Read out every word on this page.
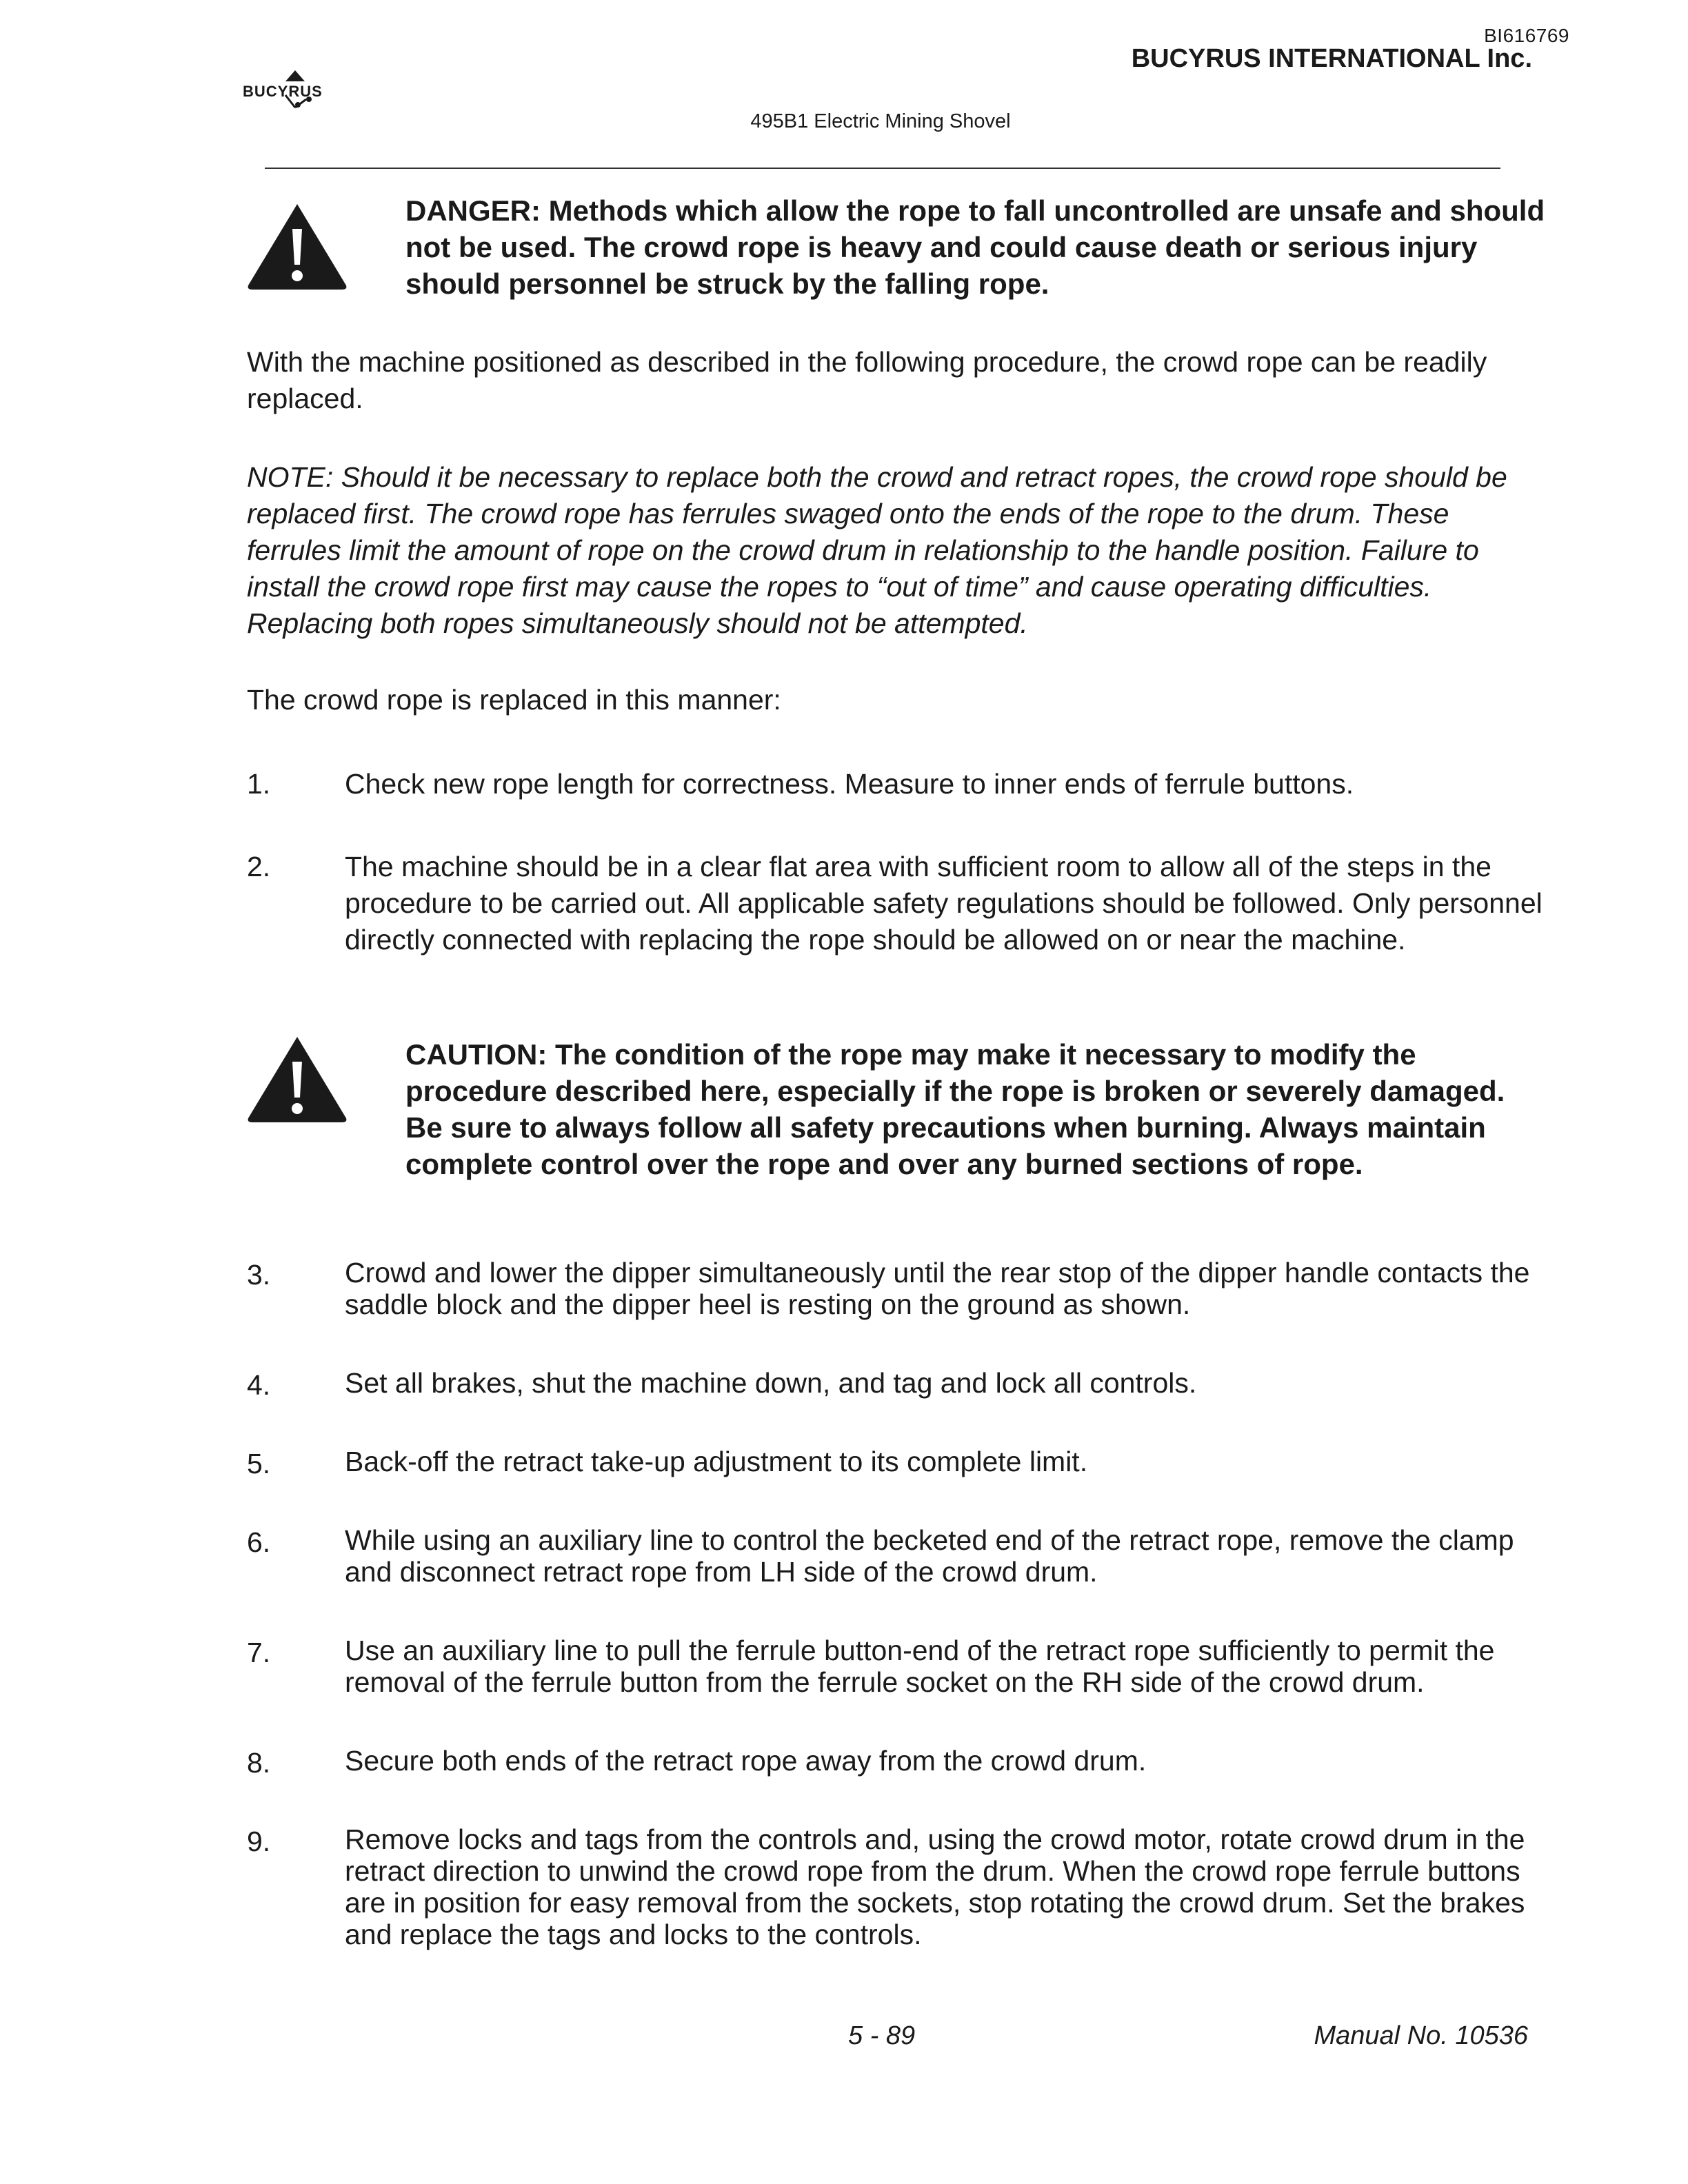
BI616769
BUCYRUS INTERNATIONAL Inc.
BUCYRUS
495B1 Electric Mining Shovel

DANGER: Methods which allow the rope to fall uncontrolled are unsafe and should not be used. The crowd rope is heavy and could cause death or serious injury should personnel be struck by the falling rope.

With the machine positioned as described in the following procedure, the crowd rope can be readily replaced.

NOTE: Should it be necessary to replace both the crowd and retract ropes, the crowd rope should be replaced first. The crowd rope has ferrules swaged onto the ends of the rope to the drum. These ferrules limit the amount of rope on the crowd drum in relationship to the handle position. Failure to install the crowd rope first may cause the ropes to “out of time” and cause operating difficulties. Replacing both ropes simultaneously should not be attempted.

The crowd rope is replaced in this manner:

1.	Check new rope length for correctness. Measure to inner ends of ferrule buttons.

2.	The machine should be in a clear flat area with sufficient room to allow all of the steps in the procedure to be carried out. All applicable safety regulations should be followed. Only personnel directly connected with replacing the rope should be allowed on or near the machine.

CAUTION: The condition of the rope may make it necessary to modify the procedure described here, especially if the rope is broken or severely damaged. Be sure to always follow all safety precautions when burning. Always maintain complete control over the rope and over any burned sections of rope.

3.	Crowd and lower the dipper simultaneously until the rear stop of the dipper handle contacts the saddle block and the dipper heel is resting on the ground as shown.

4.	Set all brakes, shut the machine down, and tag and lock all controls.

5.	Back-off the retract take-up adjustment to its complete limit.

6.	While using an auxiliary line to control the becketed end of the retract rope, remove the clamp and disconnect retract rope from LH side of the crowd drum.

7.	Use an auxiliary line to pull the ferrule button-end of the retract rope sufficiently to permit the removal of the ferrule button from the ferrule socket on the RH side of the crowd drum.

8.	Secure both ends of the retract rope away from the crowd drum.

9.	Remove locks and tags from the controls and, using the crowd motor, rotate crowd drum in the retract direction to unwind the crowd rope from the drum. When the crowd rope ferrule buttons are in position for easy removal from the sockets, stop rotating the crowd drum. Set the brakes and replace the tags and locks to the controls.

5 - 89	Manual No. 10536
